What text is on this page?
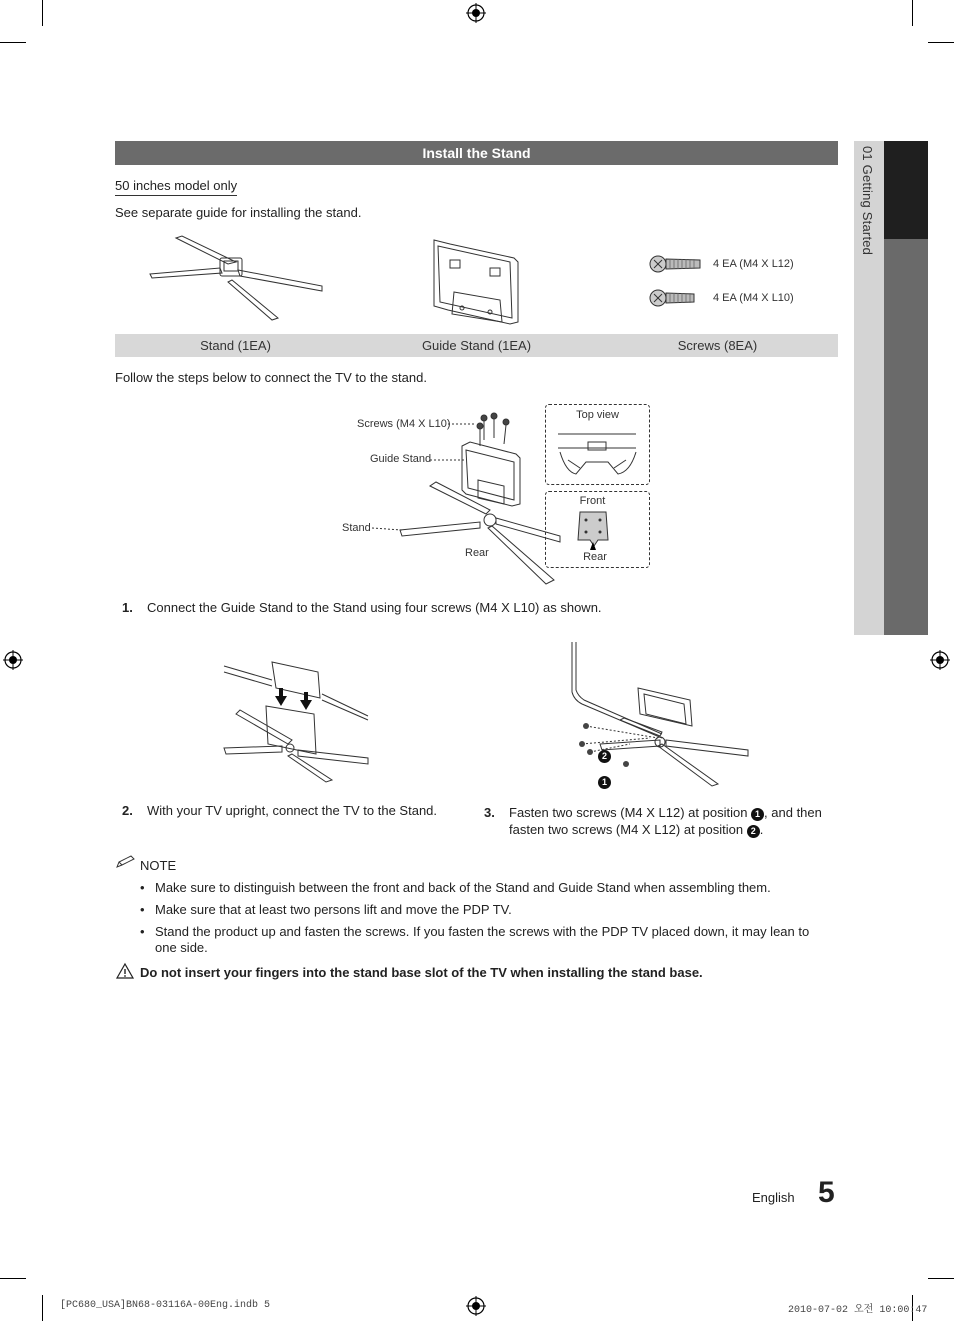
Install the Stand	01 Getting Started
50 inches model only
See separate guide for installing the stand.
4 EA (M4 X L12)
4 EA (M4 X L10)
Stand (1EA)	Guide Stand (1EA)	Screws (8EA)
Follow the steps below to connect the TV to the stand.
Screws (M4 X L10)
Guide Stand
Stand
Rear
Top view
Front
Rear
1. Connect the Guide Stand to the Stand using four screws (M4 X L10) as shown.
2
1
2. With your TV upright, connect the TV to the Stand.	3. Fasten two screws (M4 X L12) at position 1 , and then
fasten two screws (M4 X L12) at position 2 .
NOTE
• Make sure to distinguish between the front and back of the Stand and Guide Stand when assembling them.
• Make sure that at least two persons lift and move the PDP TV.
• Stand the product up and fasten the screws. If you fasten the screws with the PDP TV placed down, it may lean to
one side.
Do not insert your fingers into the stand base slot of the TV when installing the stand base.
English 5
[PC680_USA]BN68-03116A-00Eng.indb 5	2010-07-02 오전 10:00:47
